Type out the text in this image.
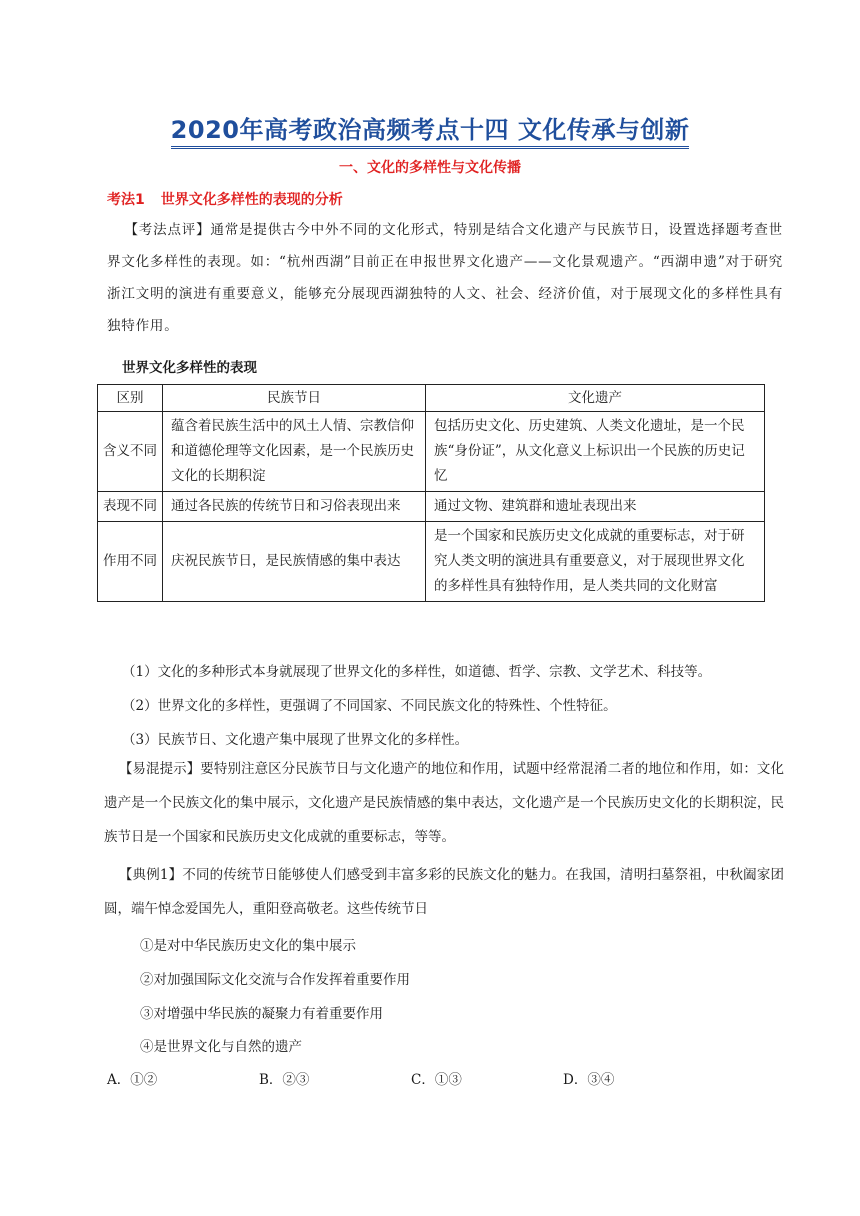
2020年高考政治高频考点十四 文化传承与创新
一、文化的多样性与文化传播
考法1 世界文化多样性的表现的分析
【考法点评】通常是提供古今中外不同的文化形式，特别是结合文化遗产与民族节日，设置选择题考查世界文化多样性的表现。如：“杭州西湖”目前正在申报世界文化遗产——文化景观遗产。“西湖申遗”对于研究浙江文明的演进有重要意义，能够充分展现西湖独特的人文、社会、经济价值，对于展现文化的多样性具有独特作用。
世界文化多样性的表现
区别	民族节日	文化遗产
含义不同	蕴含着民族生活中的风土人情、宗教信仰和道德伦理等文化因素，是一个民族历史文化的长期积淀	包括历史文化、历史建筑、人类文化遗址，是一个民族“身份证”，从文化意义上标识出一个民族的历史记忆
表现不同	通过各民族的传统节日和习俗表现出来	通过文物、建筑群和遗址表现出来
作用不同	庆祝民族节日，是民族情感的集中表达	是一个国家和民族历史文化成就的重要标志，对于研究人类文明的演进具有重要意义，对于展现世界文化的多样性具有独特作用，是人类共同的文化财富
（1）文化的多种形式本身就展现了世界文化的多样性，如道德、哲学、宗教、文学艺术、科技等。
（2）世界文化的多样性，更强调了不同国家、不同民族文化的特殊性、个性特征。
（3）民族节日、文化遗产集中展现了世界文化的多样性。
【易混提示】要特别注意区分民族节日与文化遗产的地位和作用，试题中经常混淆二者的地位和作用，如：文化遗产是一个民族文化的集中展示，文化遗产是民族情感的集中表达，文化遗产是一个民族历史文化的长期积淀，民族节日是一个国家和民族历史文化成就的重要标志，等等。
【典例1】不同的传统节日能够使人们感受到丰富多彩的民族文化的魅力。在我国，清明扫墓祭祖，中秋阖家团圆，端午悼念爱国先人，重阳登高敬老。这些传统节日
①是对中华民族历史文化的集中展示
②对加强国际文化交流与合作发挥着重要作用
③对增强中华民族的凝聚力有着重要作用
④是世界文化与自然的遗产
A．①②	B．②③	C．①③	D．③④
